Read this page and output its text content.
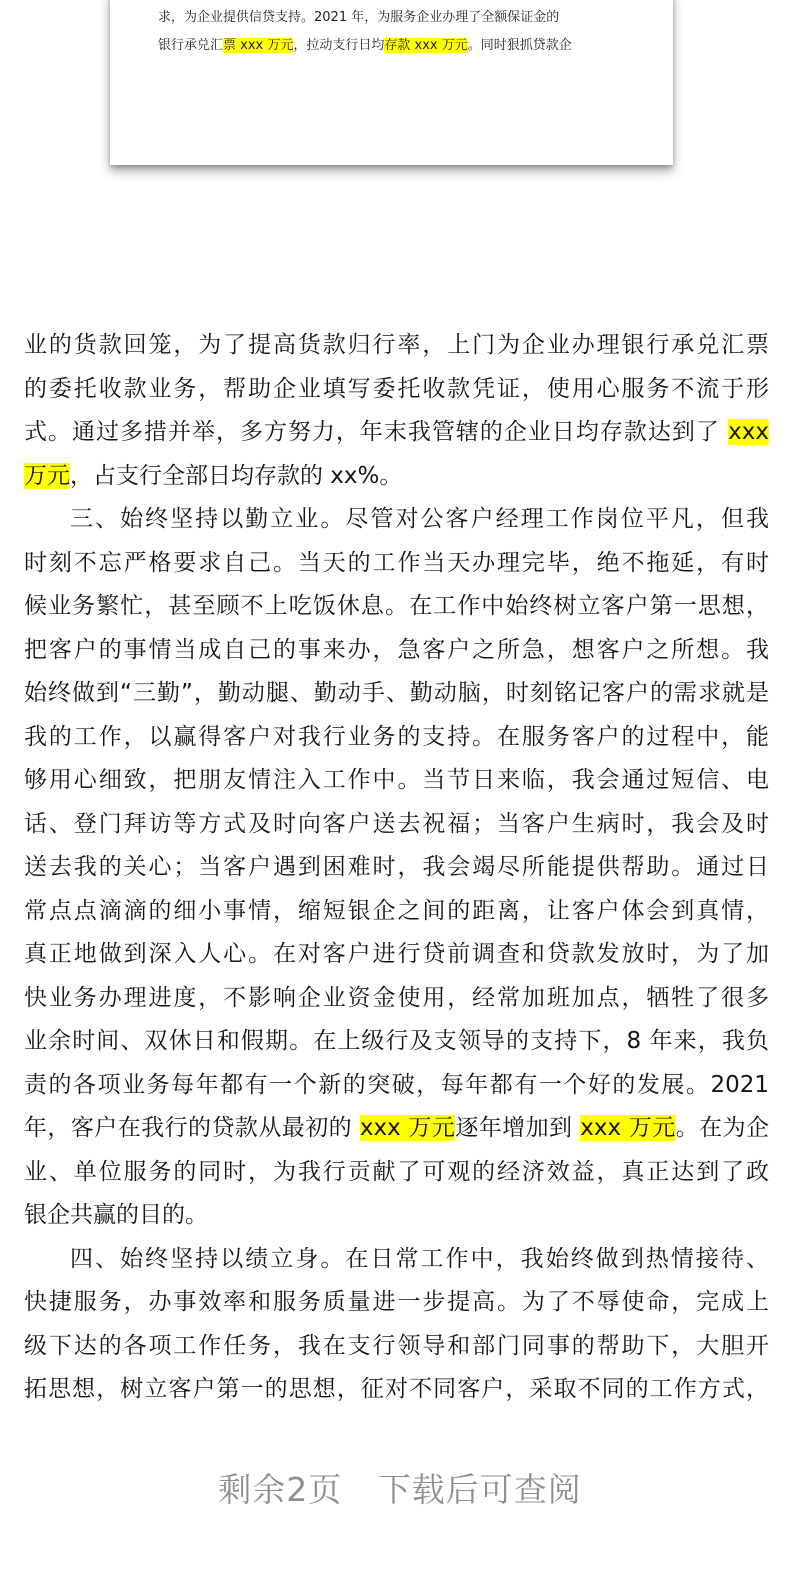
求，为企业提供信贷支持。2021 年，为服务企业办理了全额保证金的
银行承兑汇票 xxx 万元，拉动支行日均存款 xxx 万元。同时狠抓贷款企
业的货款回笼，为了提高货款归行率，上门为企业办理银行承兑汇票
的委托收款业务，帮助企业填写委托收款凭证，使用心服务不流于形
式。通过多措并举，多方努力，年末我管辖的企业日均存款达到了 xxx
万元，占支行全部日均存款的 xx%。
三、始终坚持以勤立业。尽管对公客户经理工作岗位平凡，但我
时刻不忘严格要求自己。当天的工作当天办理完毕，绝不拖延，有时
候业务繁忙，甚至顾不上吃饭休息。在工作中始终树立客户第一思想，
把客户的事情当成自己的事来办，急客户之所急，想客户之所想。我
始终做到“三勤”，勤动腿、勤动手、勤动脑，时刻铭记客户的需求就是
我的工作，以赢得客户对我行业务的支持。在服务客户的过程中，能
够用心细致，把朋友情注入工作中。当节日来临，我会通过短信、电
话、登门拜访等方式及时向客户送去祝福；当客户生病时，我会及时
送去我的关心；当客户遇到困难时，我会竭尽所能提供帮助。通过日
常点点滴滴的细小事情，缩短银企之间的距离，让客户体会到真情，
真正地做到深入人心。在对客户进行贷前调查和贷款发放时，为了加
快业务办理进度，不影响企业资金使用，经常加班加点，牺牲了很多
业余时间、双休日和假期。在上级行及支领导的支持下，8 年来，我负
责的各项业务每年都有一个新的突破，每年都有一个好的发展。2021
年，客户在我行的贷款从最初的 xxx 万元逐年增加到 xxx 万元。在为企
业、单位服务的同时，为我行贡献了可观的经济效益，真正达到了政
银企共赢的目的。
四、始终坚持以绩立身。在日常工作中，我始终做到热情接待、
快捷服务，办事效率和服务质量进一步提高。为了不辱使命，完成上
级下达的各项工作任务，我在支行领导和部门同事的帮助下，大胆开
拓思想，树立客户第一的思想，征对不同客户，采取不同的工作方式，
剩余2页 下载后可查阅
